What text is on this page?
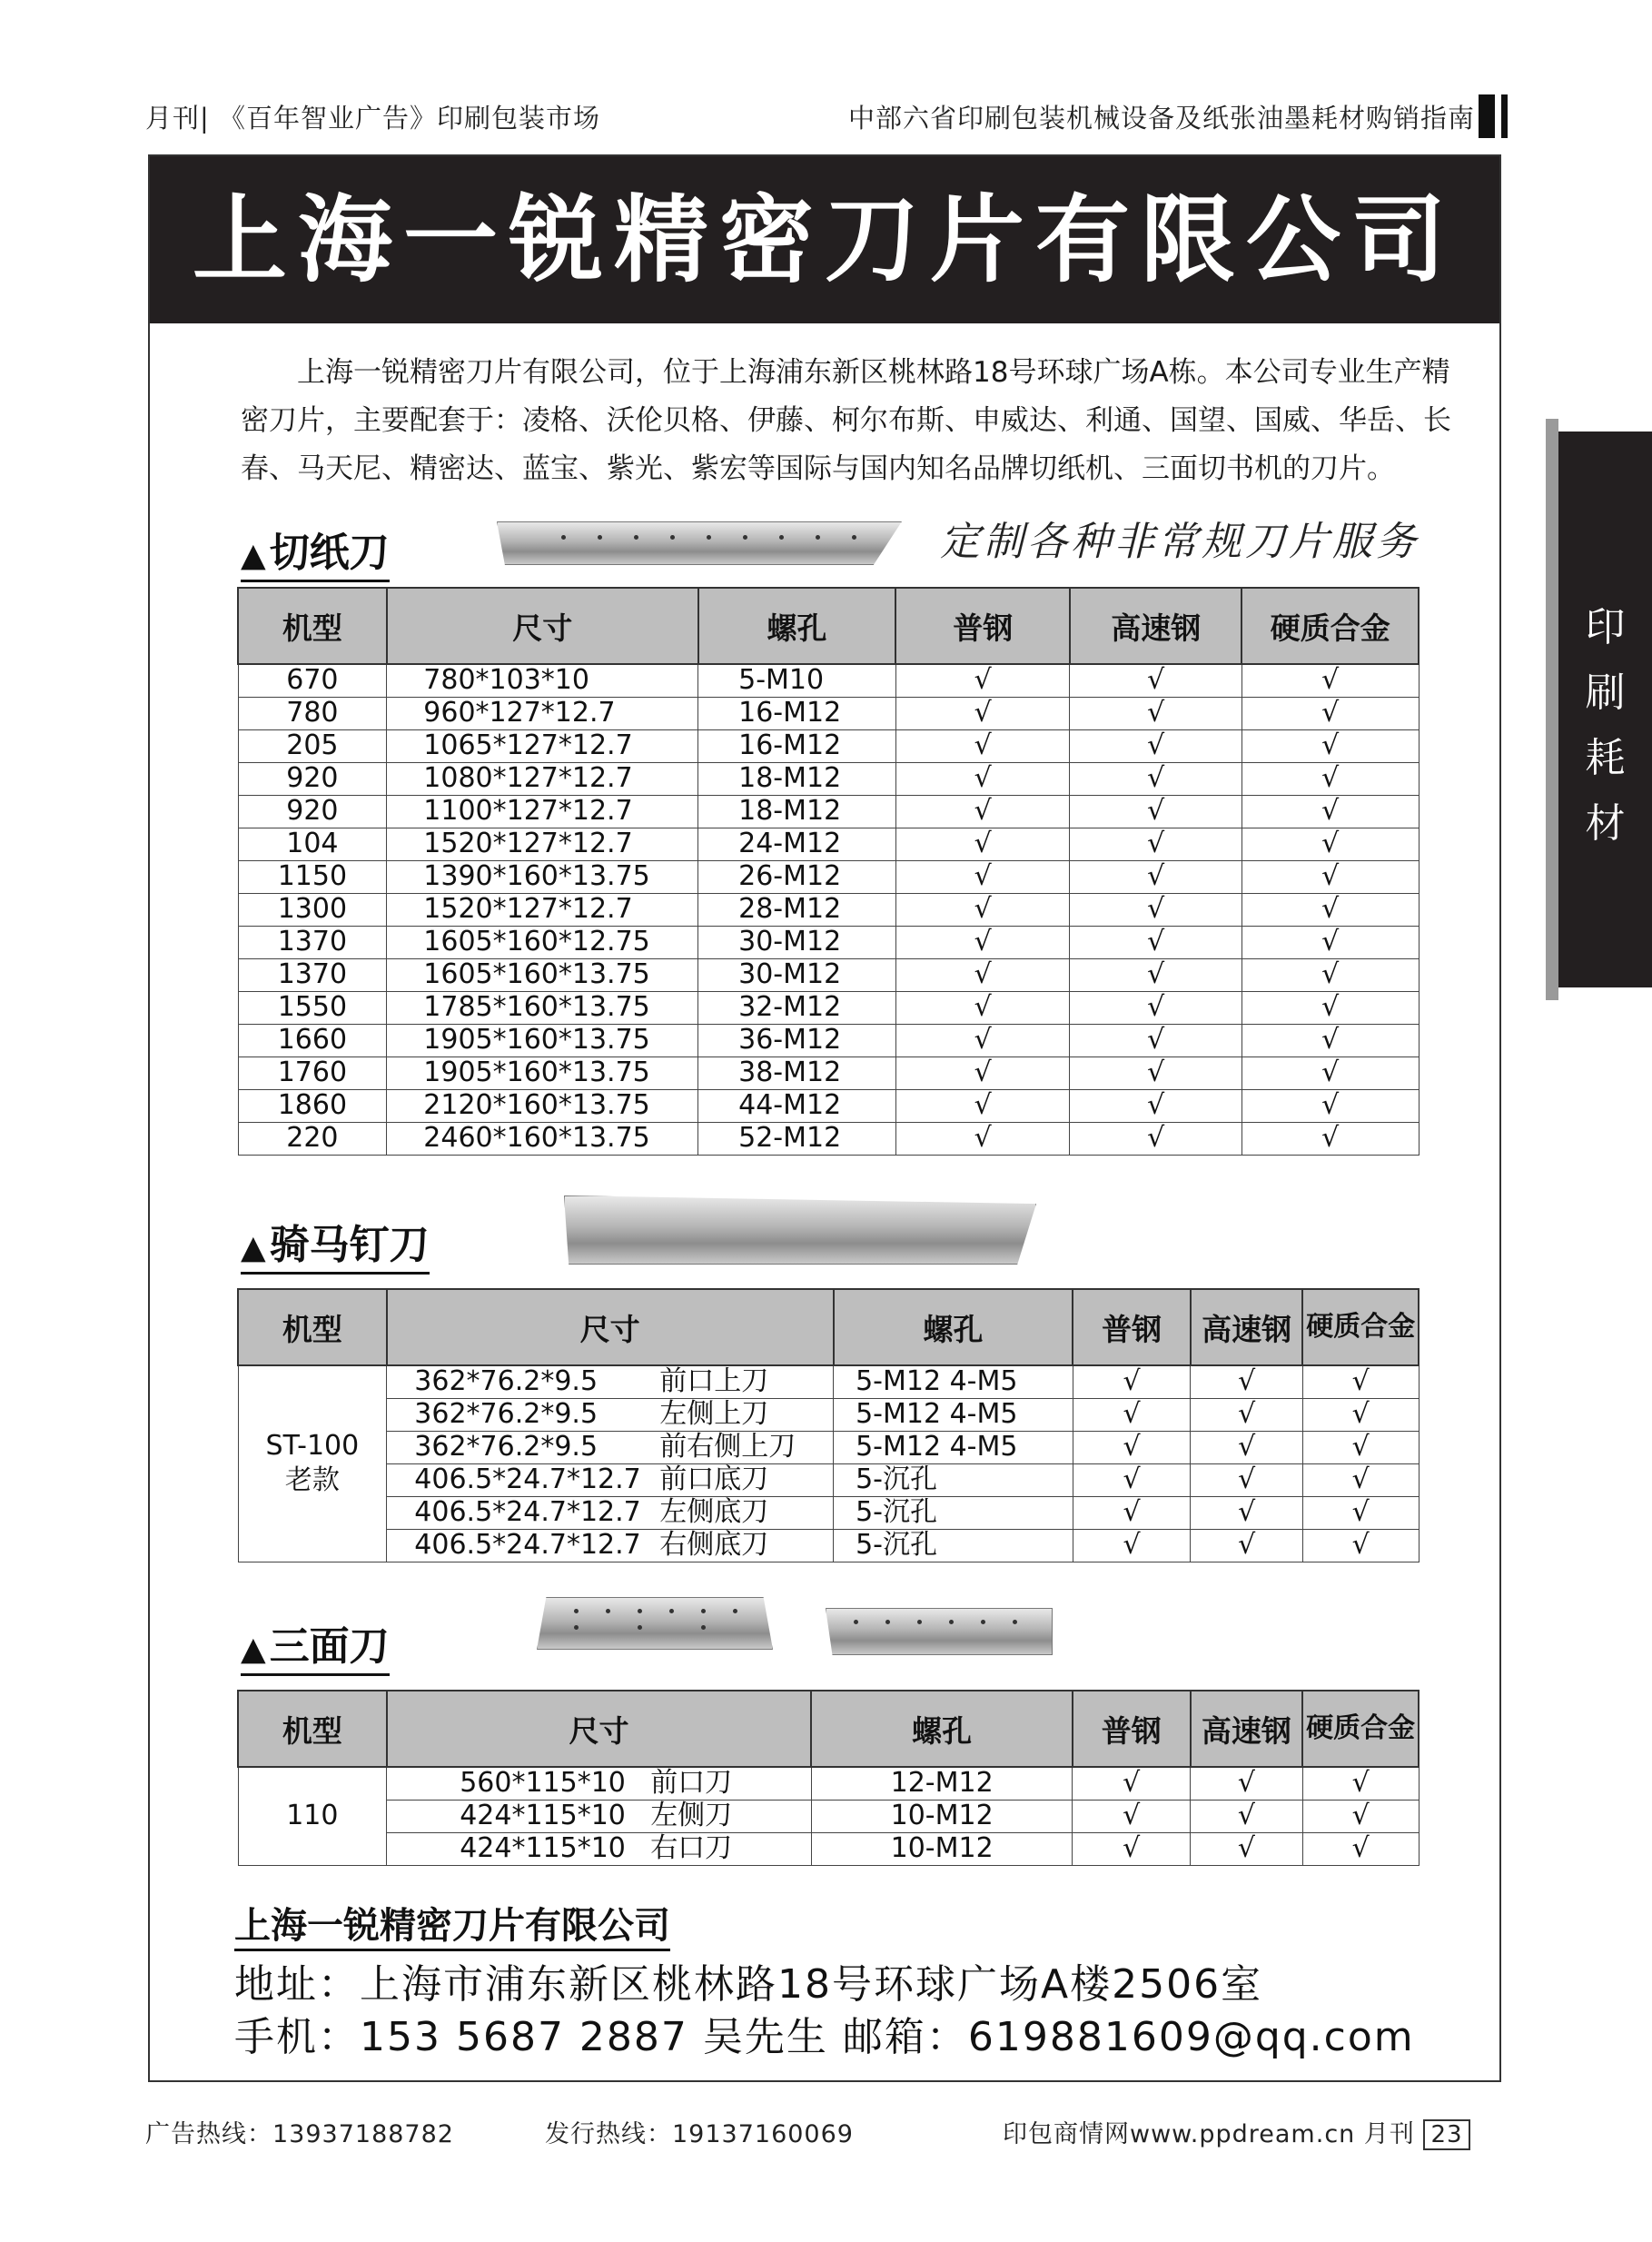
月刊| 《百年智业广告》印刷包装市场	中部六省印刷包装机械设备及纸张油墨耗材购销指南
印
刷
耗
材
上海一锐精密刀片有限公司

上海一锐精密刀片有限公司，位于上海浦东新区桃林路18号环球广场A栋。本公司专业生产精密刀片，主要配套于：凌格、沃伦贝格、伊藤、柯尔布斯、申威达、利通、国望、国威、华岳、长春、马天尼、精密达、蓝宝、紫光、紫宏等国际与国内知名品牌切纸机、三面切书机的刀片。

▲切纸刀	定制各种非常规刀片服务
机型	尺寸	螺孔	普钢	高速钢	硬质合金
670	780*103*10	5-M10	√	√	√
780	960*127*12.7	16-M12	√	√	√
205	1065*127*12.7	16-M12	√	√	√
920	1080*127*12.7	18-M12	√	√	√
920	1100*127*12.7	18-M12	√	√	√
104	1520*127*12.7	24-M12	√	√	√
1150	1390*160*13.75	26-M12	√	√	√
1300	1520*127*12.7	28-M12	√	√	√
1370	1605*160*12.75	30-M12	√	√	√
1370	1605*160*13.75	30-M12	√	√	√
1550	1785*160*13.75	32-M12	√	√	√
1660	1905*160*13.75	36-M12	√	√	√
1760	1905*160*13.75	38-M12	√	√	√
1860	2120*160*13.75	44-M12	√	√	√
220	2460*160*13.75	52-M12	√	√	√
▲骑马钉刀
机型	尺寸	螺孔	普钢	高速钢	硬质合金

ST-100
老款	362*76.2*9.5 前口上刀	5-M12 4-M5	√	√	√
	362*76.2*9.5 左侧上刀	5-M12 4-M5	√	√	√
	362*76.2*9.5 前右侧上刀	5-M12 4-M5	√	√	√
	406.5*24.7*12.7 前口底刀	5-沉孔	√	√	√
	406.5*24.7*12.7 左侧底刀	5-沉孔	√	√	√
	406.5*24.7*12.7 右侧底刀	5-沉孔	√	√	√
▲三面刀
机型	尺寸	螺孔	普钢	高速钢	硬质合金
110	560*115*10 前口刀	12-M12	√	√	√
	424*115*10 左侧刀	10-M12	√	√	√
	424*115*10 右口刀	10-M12	√	√	√
上海一锐精密刀片有限公司
地址：上海市浦东新区桃林路18号环球广场A楼2506室
手机：153 5687 2887 吴先生 邮箱：619881609@qq.com
广告热线：13937188782	发行热线：19137160069	印包商情网www.ppdream.cn 月刊 23
